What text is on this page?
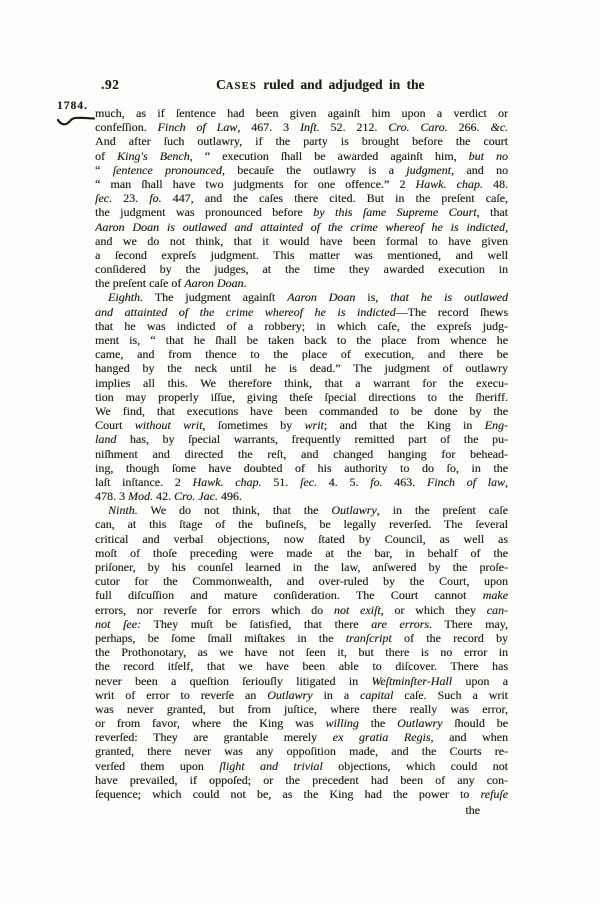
.92	CASES ruled and adjudged in the
1784. much, as if ſentence had been given againſt him upon a verdict or
confeſſion. Finch of Law, 467. 3 Inſt. 52. 212. Cro. Caro. 266. &c.
And after ſuch outlawry, if the party is brought before the court
of King's Bench, “ execution ſhall be awarded againſt him, but no
“ ſentence pronounced, becauſe the outlawry is a judgment, and no
“ man ſhall have two judgments for one offence.” 2 Hawk. chap. 48.
ſec. 23. fo. 447, and the caſes there cited. But in the preſent caſe,
the judgment was pronounced before by this ſame Supreme Court, that
Aaron Doan is outlawed and attainted of the crime whereof he is indicted,
and we do not think, that it would have been formal to have given
a ſecond expreſs judgment. This matter was mentioned, and well
conſidered by the judges, at the time they awarded execution in
the preſent caſe of Aaron Doan.
Eighth. The judgment againſt Aaron Doan is, that he is outlawed
and attainted of the crime whereof he is indicted—The record ſhews
that he was indicted of a robbery; in which caſe, the expreſs judg-
ment is, “ that he ſhall be taken back to the place from whence he
came, and from thence to the place of execution, and there be
hanged by the neck until he is dead.” The judgment of outlawry
implies all this. We therefore think, that a warrant for the execu-
tion may properly iſſue, giving theſe ſpecial directions to the ſheriff.
We find, that executions have been commanded to be done by the
Court without writ, ſometimes by writ; and that the King in Eng-
land has, by ſpecial warrants, frequently remitted part of the pu-
niſhment and directed the reſt, and changed hanging for behead-
ing, though ſome have doubted of his authority to do ſo, in the
laſt inſtance. 2 Hawk. chap. 51. ſec. 4. 5. fo. 463. Finch of law,
478. 3 Mod. 42. Cro. Jac. 496.
Ninth. We do not think, that the Outlawry, in the preſent caſe
can, at this ſtage of the buſineſs, be legally reverſed. The ſeveral
critical and verbal objections, now ſtated by Council, as well as
moſt of thoſe preceding were made at the bar, in behalf of the
priſoner, by his counſel learned in the law, anſwered by the proſe-
cutor for the Commonwealth, and over-ruled by the Court, upon
full diſcuſſion and mature conſideration. The Court cannot make
errors, nor reverſe for errors which do not exiſt, or which they can-
not ſee: They muſt be ſatisfied, that there are errors. There may,
perhaps, be ſome ſmall miſtakes in the tranſcript of the record by
the Prothonotary, as we have not ſeen it, but there is no error in
the record itſelf, that we have been able to diſcover. There has
never been a queſtion ſeriouſly litigated in Weſtminſter-Hall upon a
writ of error to reverſe an Outlawry in a capital caſe. Such a writ
was never granted, but from juſtice, where there really was error,
or from favor, where the King was willing the Outlawry ſhould be
reverſed: They are grantable merely ex gratia Regis, and when
granted, there never was any oppoſition made, and the Courts re-
verſed them upon ſlight and trivial objections, which could not
have prevailed, if oppoſed; or the precedent had been of any con-
ſequence; which could not be, as the King had the power to refuſe
the
